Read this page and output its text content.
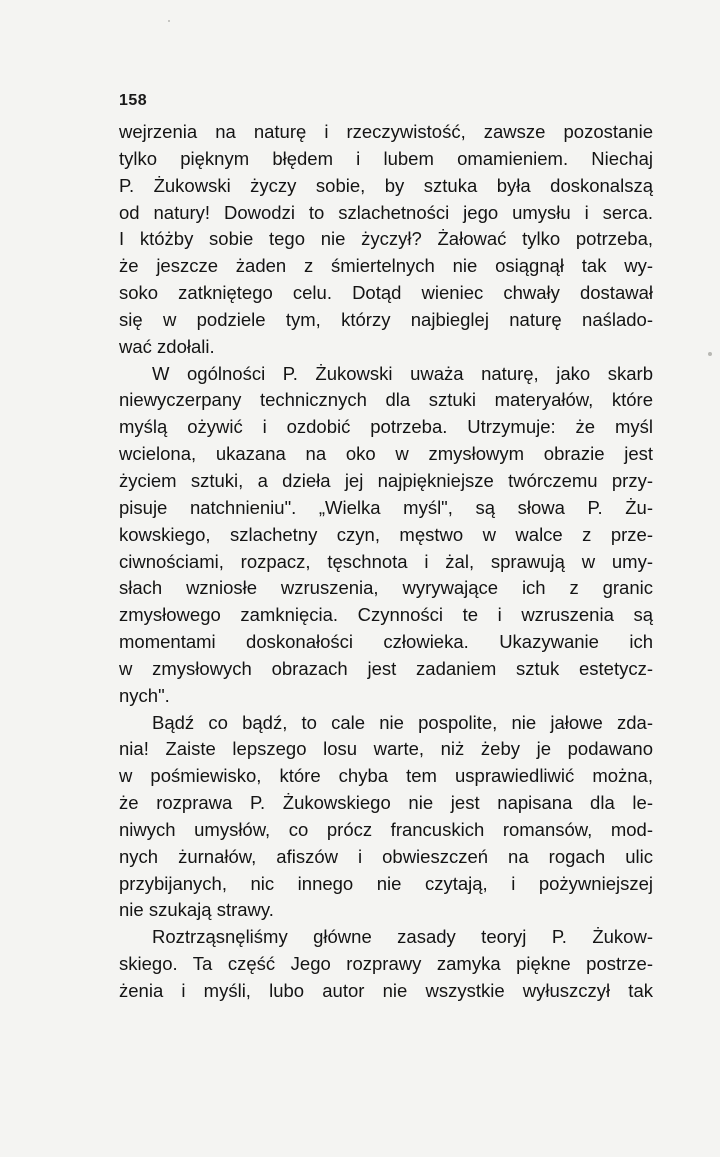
158
wejrzenia na naturę i rzeczywistość, zawsze pozostanie
tylko pięknym błędem i lubem omamieniem. Niechaj
P. Żukowski życzy sobie, by sztuka była doskonalszą
od natury! Dowodzi to szlachetności jego umysłu i serca.
I któżby sobie tego nie życzył? Żałować tylko potrzeba,
że jeszcze żaden z śmiertelnych nie osiągnął tak wy-
soko zatkniętego celu. Dotąd wieniec chwały dostawał
się w podziele tym, którzy najbieglej naturę naślado-
wać zdołali.
W ogólności P. Żukowski uważa naturę, jako skarb
niewyczerpany technicznych dla sztuki materyałów, które
myślą ożywić i ozdobić potrzeba. Utrzymuje: że myśl
wcielona, ukazana na oko w zmysłowym obrazie jest
życiem sztuki, a dzieła jej najpiękniejsze twórczemu przy-
pisuje natchnieniu". „Wielka myśl", są słowa P. Żu-
kowskiego, szlachetny czyn, męstwo w walce z prze-
ciwnościami, rozpacz, tęschnota i żal, sprawują w umy-
słach wzniosłe wzruszenia, wyrywające ich z granic
zmysłowego zamknięcia. Czynności te i wzruszenia są
momentami doskonałości człowieka. Ukazywanie ich
w zmysłowych obrazach jest zadaniem sztuk estetycz-
nych".
Bądź co bądź, to cale nie pospolite, nie jałowe zda-
nia! Zaiste lepszego losu warte, niż żeby je podawano
w pośmiewisko, które chyba tem usprawiedliwić można,
że rozprawa P. Żukowskiego nie jest napisana dla le-
niwych umysłów, co prócz francuskich romansów, mod-
nych żurnałów, afiszów i obwieszczeń na rogach ulic
przybijanych, nic innego nie czytają, i pożywniejszej
nie szukają strawy.
Roztrząsnęliśmy główne zasady teoryj P. Żukow-
skiego. Ta część Jego rozprawy zamyka piękne postrze-
żenia i myśli, lubo autor nie wszystkie wyłuszczył tak
